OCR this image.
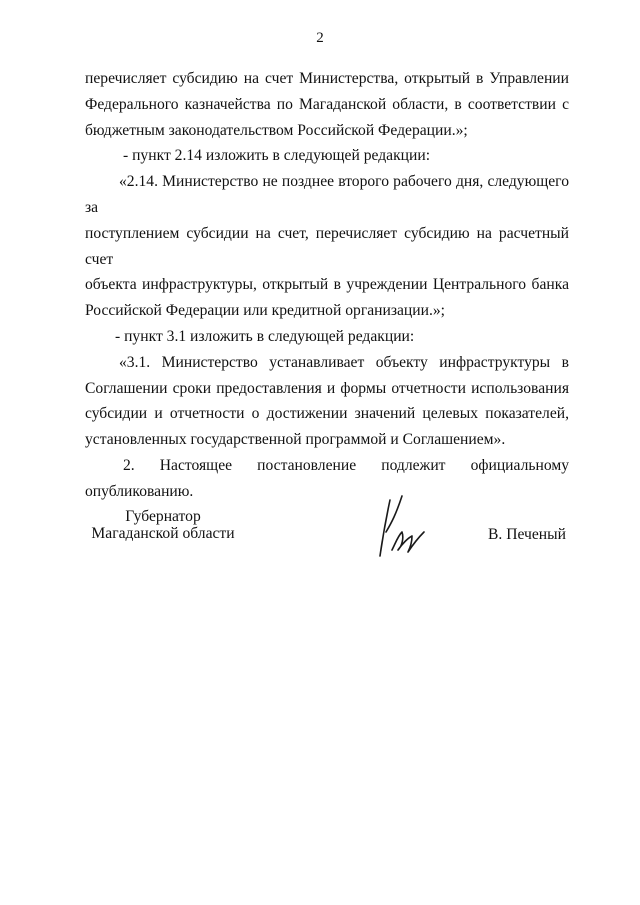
2

перечисляет субсидию на счет Министерства, открытый в Управлении

Федерального казначейства по Магаданской области, в соответствии с

бюджетным законодательством Российской Федерации.»;

- пункт 2.14 изложить в следующей редакции:

«2.14. Министерство не позднее второго рабочего дня, следующего за

поступлением субсидии на счет, перечисляет субсидию на расчетный счет

объекта инфраструктуры, открытый в учреждении Центрального банка

Российской Федерации или кредитной организации.»;

- пункт 3.1 изложить в следующей редакции:

«3.1. Министерство устанавливает объекту инфраструктуры в

Соглашении сроки предоставления и формы отчетности использования

субсидии и отчетности о достижении значений целевых показателей,

установленных государственной программой и Соглашением».

2. Настоящее постановление подлежит официальному

опубликованию.

Губернатор
Магаданской области	В. Печеный
